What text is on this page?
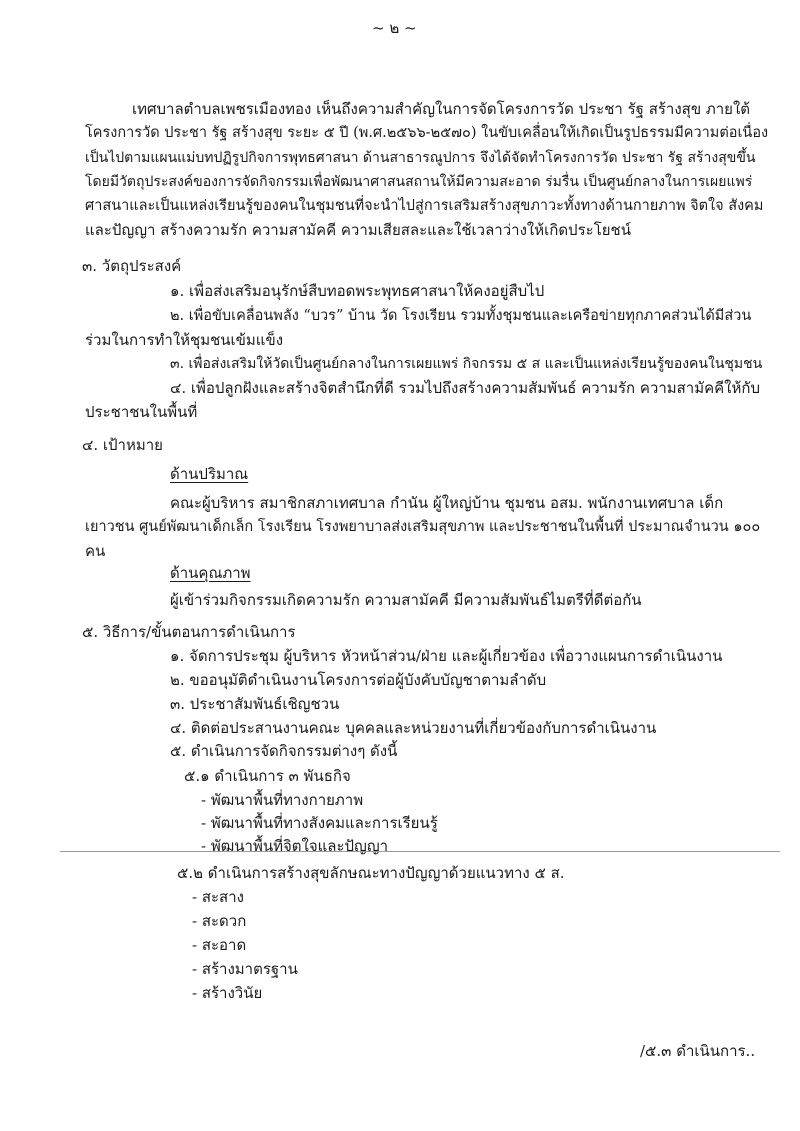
~ ๒ ~
เทศบาลตำบลเพชรเมืองทอง เห็นถึงความสำคัญในการจัดโครงการวัด ประชา รัฐ สร้างสุข ภายใต้
โครงการวัด ประชา รัฐ สร้างสุข ระยะ ๕ ปี (พ.ศ.๒๕๖๖-๒๕๗๐) ในขับเคลื่อนให้เกิดเป็นรูปธรรมมีความต่อเนื่อง
เป็นไปตามแผนแม่บทปฏิรูปกิจการพุทธศาสนา ด้านสาธารณูปการ จึงได้จัดทำโครงการวัด ประชา รัฐ สร้างสุขขึ้น
โดยมีวัตถุประสงค์ของการจัดกิจกรรมเพื่อพัฒนาศาสนสถานให้มีความสะอาด ร่มรื่น เป็นศูนย์กลางในการเผยแพร่
ศาสนาและเป็นแหล่งเรียนรู้ของคนในชุมชนที่จะนำไปสู่การเสริมสร้างสุขภาวะทั้งทางด้านกายภาพ จิตใจ สังคม
และปัญญา สร้างความรัก ความสามัคคี ความเสียสละและใช้เวลาว่างให้เกิดประโยชน์
๓. วัตถุประสงค์
๑. เพื่อส่งเสริมอนุรักษ์สืบทอดพระพุทธศาสนาให้คงอยู่สืบไป
๒. เพื่อขับเคลื่อนพลัง “บวร” บ้าน วัด โรงเรียน รวมทั้งชุมชนและเครือข่ายทุกภาคส่วนได้มีส่วน
ร่วมในการทำให้ชุมชนเข้มแข็ง
๓. เพื่อส่งเสริมให้วัดเป็นศูนย์กลางในการเผยแพร่ กิจกรรม ๕ ส และเป็นแหล่งเรียนรู้ของคนในชุมชน
๔. เพื่อปลูกฝังและสร้างจิตสำนึกที่ดี รวมไปถึงสร้างความสัมพันธ์ ความรัก ความสามัคคีให้กับ
ประชาชนในพื้นที่
๔. เป้าหมาย
ด้านปริมาณ
คณะผู้บริหาร สมาชิกสภาเทศบาล กำนัน ผู้ใหญ่บ้าน ชุมชน อสม. พนักงานเทศบาล เด็ก
เยาวชน ศูนย์พัฒนาเด็กเล็ก โรงเรียน โรงพยาบาลส่งเสริมสุขภาพ และประชาชนในพื้นที่ ประมาณจำนวน ๑๐๐
คน
ด้านคุณภาพ
ผู้เข้าร่วมกิจกรรมเกิดความรัก ความสามัคคี มีความสัมพันธ์ไมตรีที่ดีต่อกัน
๕. วิธีการ/ขั้นตอนการดำเนินการ
๑. จัดการประชุม ผู้บริหาร หัวหน้าส่วน/ฝ่าย และผู้เกี่ยวข้อง เพื่อวางแผนการดำเนินงาน
๒. ขออนุมัติดำเนินงานโครงการต่อผู้บังคับบัญชาตามลำดับ
๓. ประชาสัมพันธ์เชิญชวน
๔. ติดต่อประสานงานคณะ บุคคลและหน่วยงานที่เกี่ยวข้องกับการดำเนินงาน
๕. ดำเนินการจัดกิจกรรมต่างๆ ดังนี้
๕.๑ ดำเนินการ ๓ พันธกิจ
- พัฒนาพื้นที่ทางกายภาพ
- พัฒนาพื้นที่ทางสังคมและการเรียนรู้
- พัฒนาพื้นที่จิตใจและปัญญา
๕.๒ ดำเนินการสร้างสุขลักษณะทางปัญญาด้วยแนวทาง ๕ ส.
- สะสาง
- สะดวก
- สะอาด
- สร้างมาตรฐาน
- สร้างวินัย
/๕.๓ ดำเนินการ..
